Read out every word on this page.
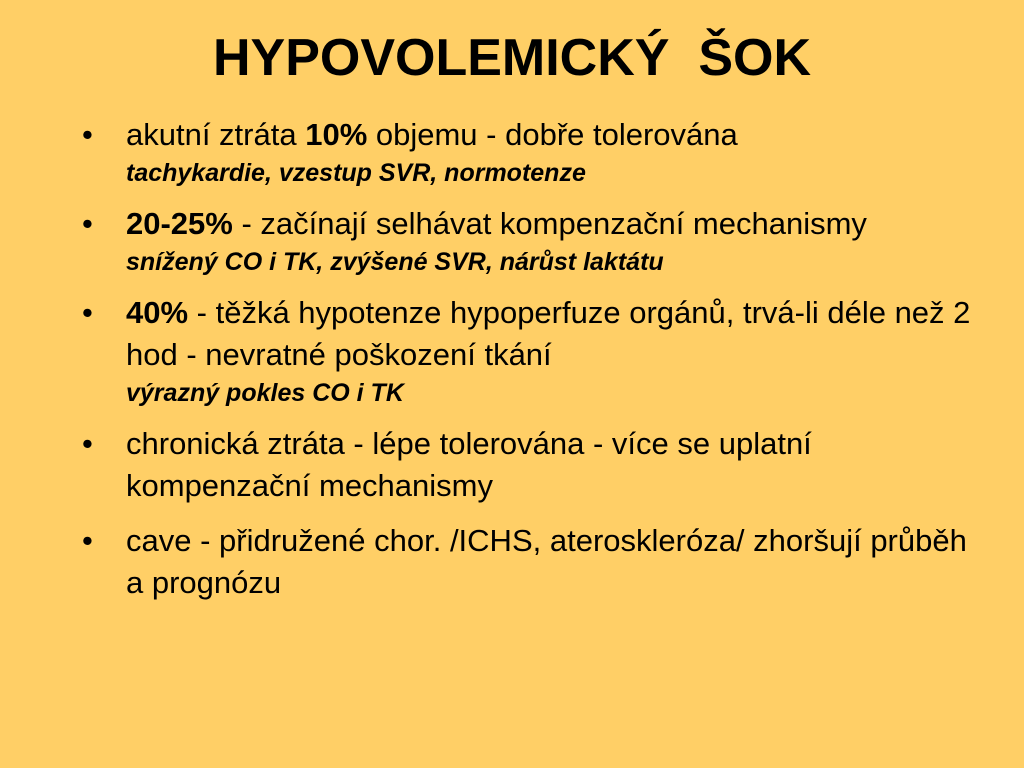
HYPOVOLEMICKÝ  ŠOK
•	akutní ztráta 10% objemu - dobře tolerována
tachykardie, vzestup SVR, normotenze
•	20-25% - začínají selhávat kompenzační mechanismy
snížený CO i TK, zvýšené SVR, nárůst laktátu
•	40% - těžká hypotenze hypoperfuze orgánů, trvá-li déle než 2 hod - nevratné poškození tkání
výrazný pokles CO i TK
•	chronická ztráta - lépe tolerována - více se uplatní kompenzační mechanismy
•	cave - přidružené chor. /ICHS, ateroskleróza/ zhoršují průběh a prognózu
